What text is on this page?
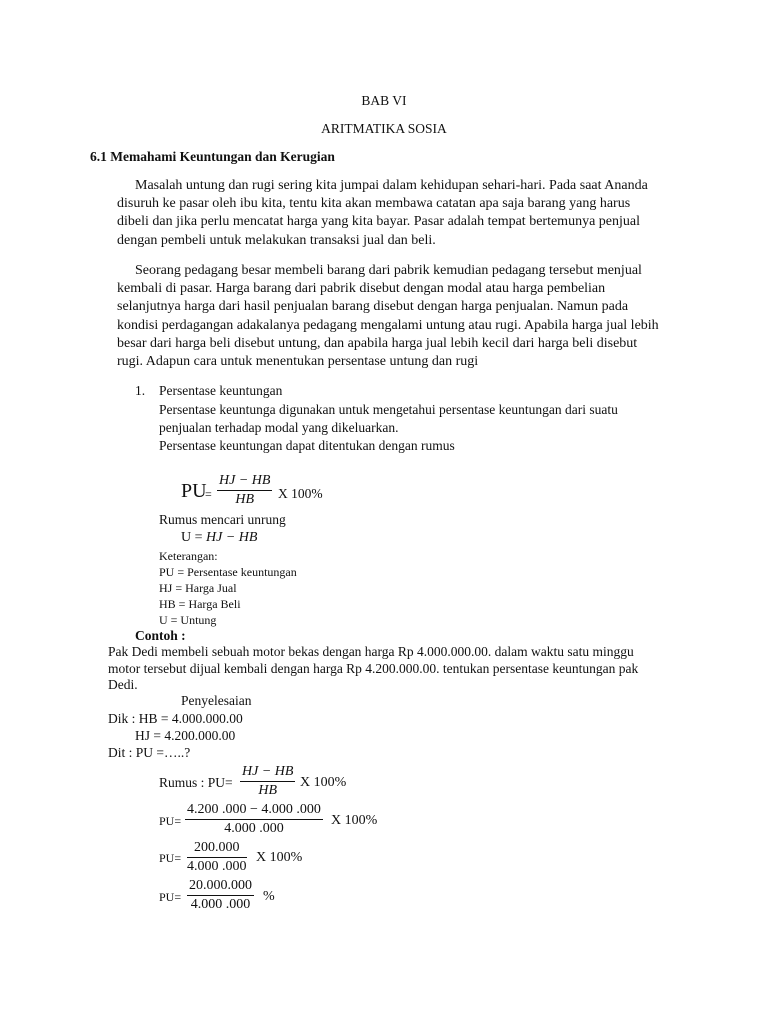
BAB VI
ARITMATIKA SOSIA
6.1 Memahami Keuntungan dan Kerugian
Masalah untung dan rugi sering kita jumpai dalam kehidupan sehari-hari. Pada saat Ananda
disuruh ke pasar oleh ibu kita, tentu kita akan membawa catatan apa saja barang yang harus
dibeli dan jika perlu mencatat harga yang kita bayar. Pasar adalah tempat bertemunya penjual
dengan pembeli untuk melakukan transaksi jual dan beli.
Seorang pedagang besar membeli barang dari pabrik kemudian pedagang tersebut menjual
kembali di pasar. Harga barang dari pabrik disebut dengan modal atau harga pembelian
selanjutnya harga dari hasil penjualan barang disebut dengan harga penjualan. Namun pada
kondisi perdagangan adakalanya pedagang mengalami untung atau rugi. Apabila harga jual lebih
besar dari harga beli disebut untung, dan apabila harga jual lebih kecil dari harga beli disebut
rugi. Adapun cara untuk menentukan persentase untung dan rugi
1. Persentase keuntungan
Persentase keuntunga digunakan untuk mengetahui persentase keuntungan dari suatu
penjualan terhadap modal yang dikeluarkan.
Persentase keuntungan dapat ditentukan dengan rumus
PU
= $\frac{HJ - HB}{HB}$ X 100%
Rumus mencari unrung
U = HJ − HB
Keterangan:
PU = Persentase keuntungan
HJ = Harga Jual
HB = Harga Beli
U = Untung
Contoh :
Pak Dedi membeli sebuah motor bekas dengan harga Rp 4.000.000.00. dalam waktu satu minggu
motor tersebut dijual kembali dengan harga Rp 4.200.000.00. tentukan persentase keuntungan pak
Dedi.
Penyelesaian
Dik : HB = 4.000.000.00
HJ = 4.200.000.00
Dit : PU =…..?
Rumus : $PU= \frac{HJ - HB}{HB}$ X 100%
$PU= \frac{4.200 .000 - 4.000 .000}{4.000 .000}$ X 100%
$PU= \frac{200.000}{4.000 .000}$ X 100%
$PU= \frac{20.000.000}{4.000 .000}$ %
